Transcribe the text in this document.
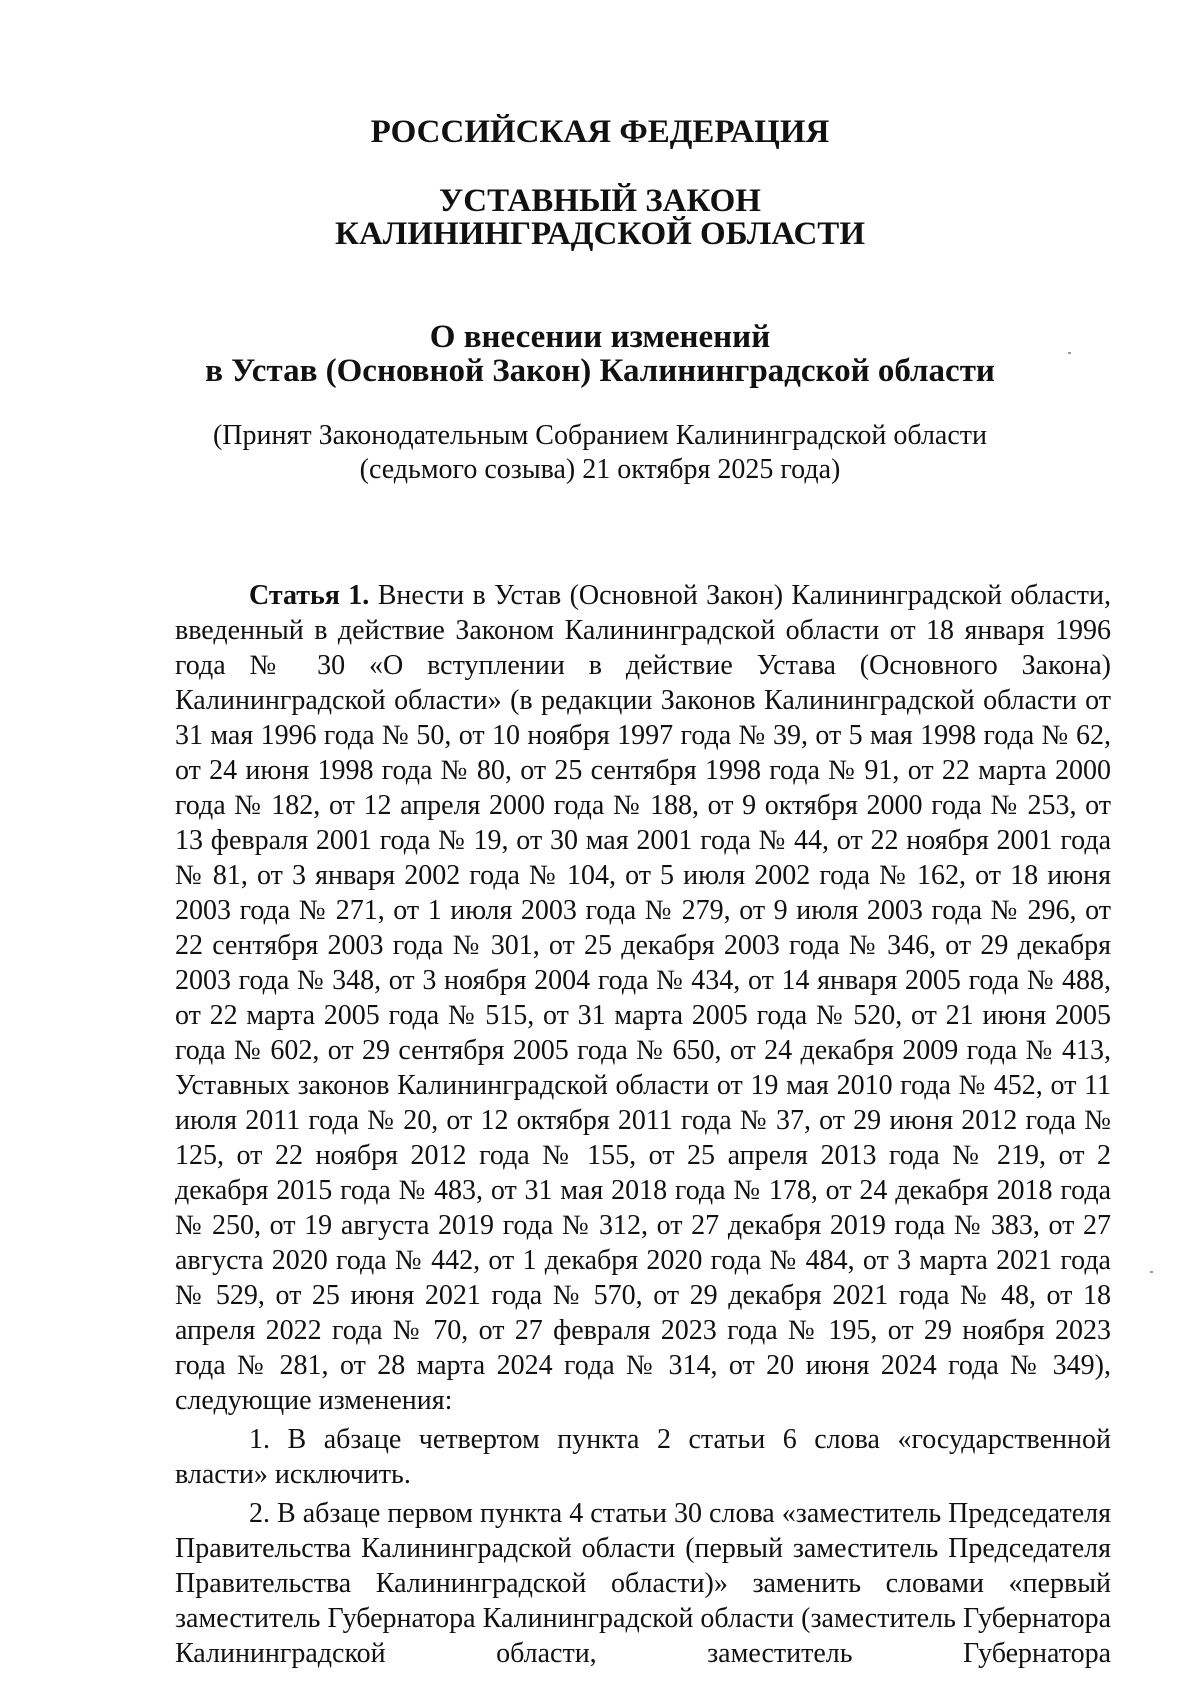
РОССИЙСКАЯ ФЕДЕРАЦИЯ

УСТАВНЫЙ ЗАКОН

КАЛИНИНГРАДСКОЙ ОБЛАСТИ

О внесении изменений

в Устав (Основной Закон) Калининградской области

(Принят Законодательным Собранием Калининградской области

(седьмого созыва) 21 октября 2025 года)

Статья 1. Внести в Устав (Основной Закон) Калининградской области, введенный в действие Законом Калининградской области от 18 января 1996 года № 30 «О вступлении в действие Устава (Основного Закона) Калининградской области» (в редакции Законов Калининградской области от 31 мая 1996 года № 50, от 10 ноября 1997 года № 39, от 5 мая 1998 года № 62, от 24 июня 1998 года № 80, от 25 сентября 1998 года № 91, от 22 марта 2000 года № 182, от 12 апреля 2000 года № 188, от 9 октября 2000 года № 253, от 13 февраля 2001 года № 19, от 30 мая 2001 года № 44, от 22 ноября 2001 года № 81, от 3 января 2002 года № 104, от 5 июля 2002 года № 162, от 18 июня 2003 года № 271, от 1 июля 2003 года № 279, от 9 июля 2003 года № 296, от 22 сентября 2003 года № 301, от 25 декабря 2003 года № 346, от 29 декабря 2003 года № 348, от 3 ноября 2004 года № 434, от 14 января 2005 года № 488, от 22 марта 2005 года № 515, от 31 марта 2005 года № 520, от 21 июня 2005 года № 602, от 29 сентября 2005 года № 650, от 24 декабря 2009 года № 413, Уставных законов Калининградской области от 19 мая 2010 года № 452, от 11 июля 2011 года № 20, от 12 октября 2011 года № 37, от 29 июня 2012 года № 125, от 22 ноября 2012 года № 155, от 25 апреля 2013 года № 219, от 2 декабря 2015 года № 483, от 31 мая 2018 года № 178, от 24 декабря 2018 года № 250, от 19 августа 2019 года № 312, от 27 декабря 2019 года № 383, от 27 августа 2020 года № 442, от 1 декабря 2020 года № 484, от 3 марта 2021 года № 529, от 25 июня 2021 года № 570, от 29 декабря 2021 года № 48, от 18 апреля 2022 года № 70, от 27 февраля 2023 года № 195, от 29 ноября 2023 года № 281, от 28 марта 2024 года № 314, от 20 июня 2024 года № 349), следующие изменения:

1. В абзаце четвертом пункта 2 статьи 6 слова «государственной власти» исключить.

2. В абзаце первом пункта 4 статьи 30 слова «заместитель Председателя Правительства Калининградской области (первый заместитель Председателя Правительства Калининградской области)» заменить словами «первый заместитель Губернатора Калининградской области (заместитель Губернатора Калининградской области, заместитель Губернатора
